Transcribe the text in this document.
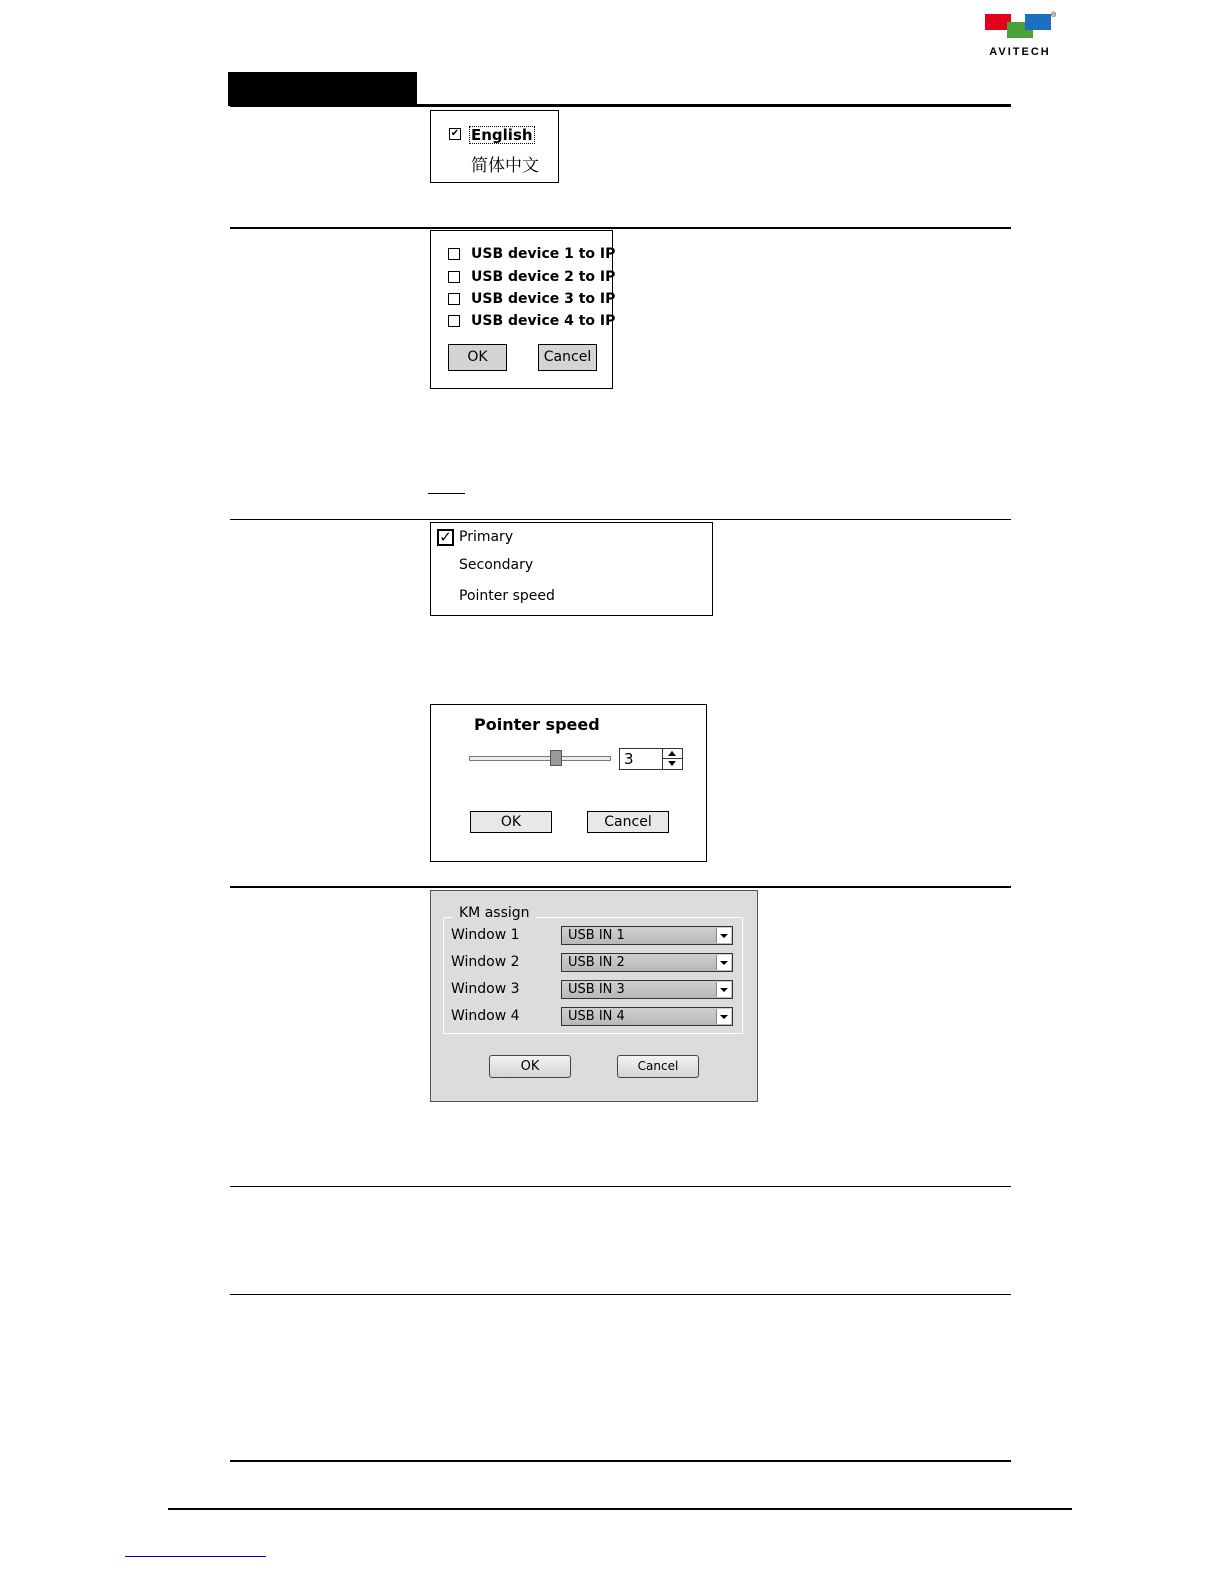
®
AVITECH
✔ English
简体中文
USB device 1 to IP
USB device 2 to IP
USB device 3 to IP
USB device 4 to IP
OK	Cancel
✓ Primary
Secondary
Pointer speed
Pointer speed
3
OK	Cancel
KM assign
Window 1	USB IN 1
Window 2	USB IN 2
Window 3	USB IN 3
Window 4	USB IN 4
OK	Cancel
